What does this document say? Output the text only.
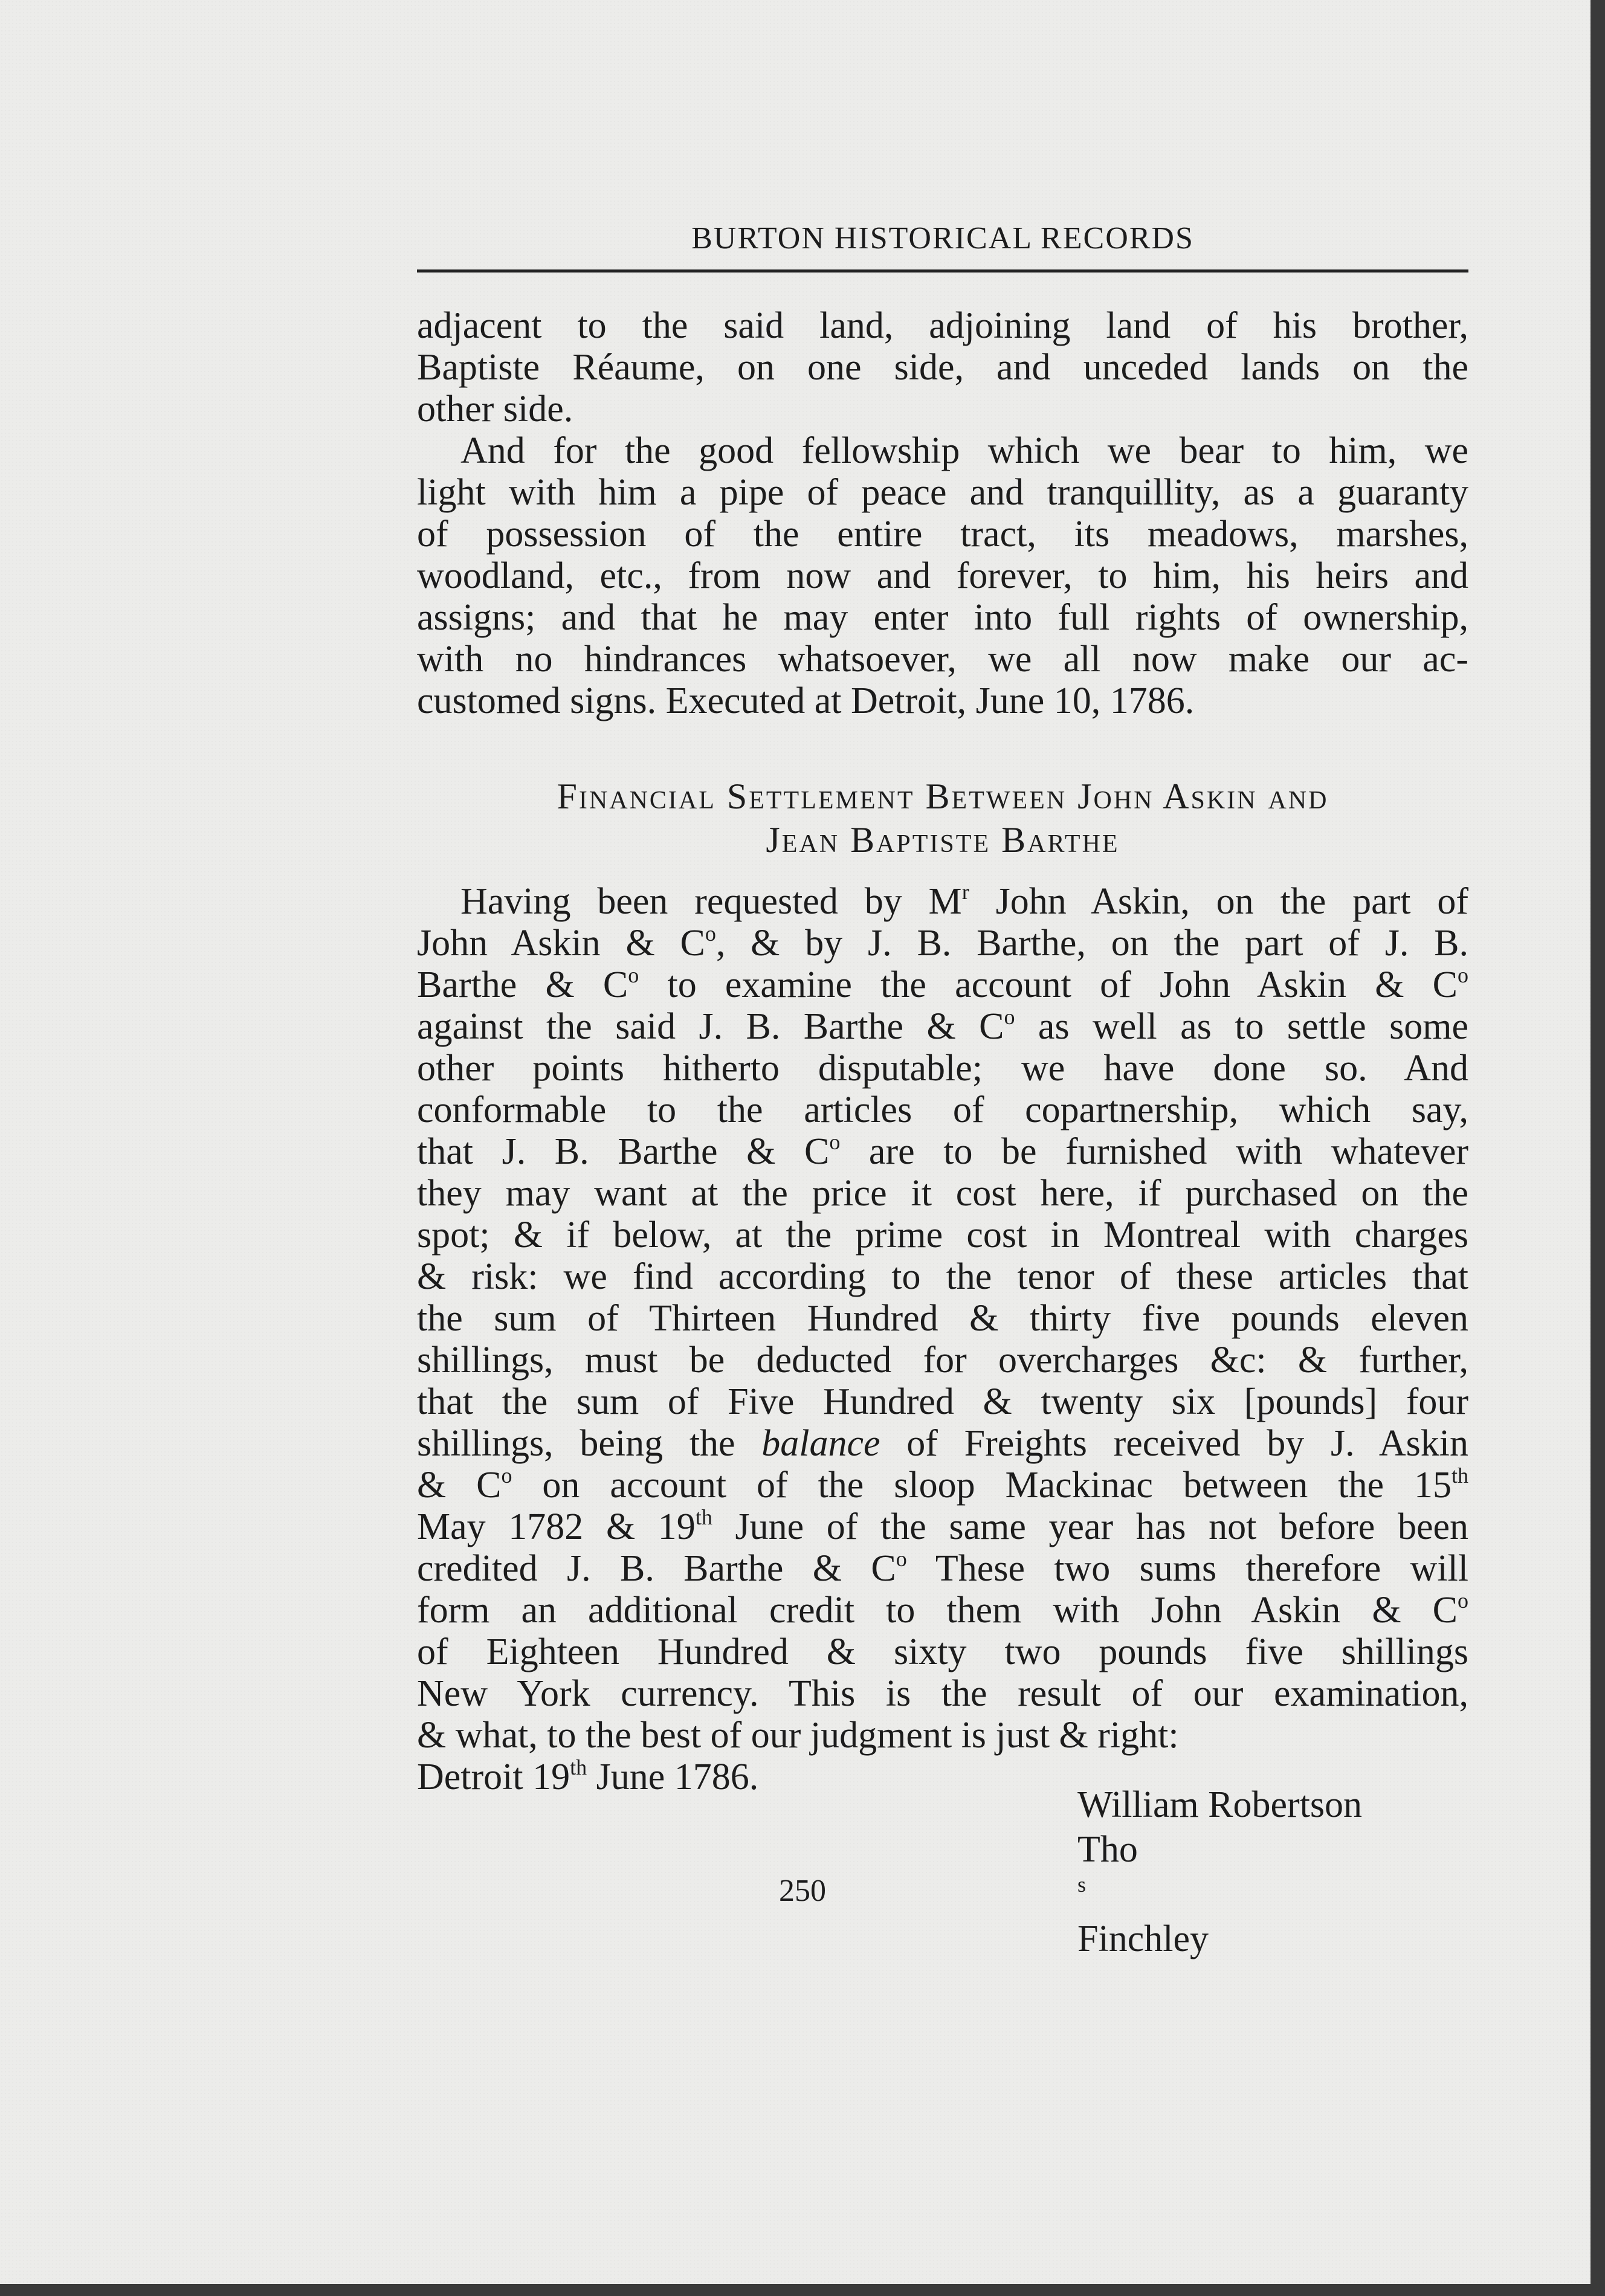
BURTON HISTORICAL RECORDS

adjacent to the said land, adjoining land of his brother,
Baptiste Réaume, on one side, and unceded lands on the
other side.

And for the good fellowship which we bear to him, we
light with him a pipe of peace and tranquillity, as a guaranty
of possession of the entire tract, its meadows, marshes,
woodland, etc., from now and forever, to him, his heirs and
assigns; and that he may enter into full rights of ownership,
with no hindrances whatsoever, we all now make our ac-
customed signs. Executed at Detroit, June 10, 1786.

Financial Settlement Between John Askin and
Jean Baptiste Barthe

Having been requested by $M^r$ John Askin, on the part of
John Askin & $C^o$, & by J. B. Barthe, on the part of J. B.
Barthe & $C^o$ to examine the account of John Askin & $C^o$
against the said J. B. Barthe & $C^o$ as well as to settle some
other points hitherto disputable; we have done so. And
conformable to the articles of copartnership, which say,
that J. B. Barthe & $C^o$ are to be furnished with whatever
they may want at the price it cost here, if purchased on the
spot; & if below, at the prime cost in Montreal with charges
& risk: we find according to the tenor of these articles that
the sum of Thirteen Hundred & thirty five pounds eleven
shillings, must be deducted for overcharges &c: & further,
that the sum of Five Hundred & twenty six [pounds] four
shillings, being the balance of Freights received by J. Askin
& $C^o$ on account of the sloop Mackinac between the 15th
May 1782 & 19th June of the same year has not before been
credited J. B. Barthe & $C^o$ These two sums therefore will
form an additional credit to them with John Askin & $C^o$
of Eighteen Hundred & sixty two pounds five shillings
New York currency. This is the result of our examination,
& what, to the best of our judgment is just & right:
Detroit 19th June 1786.

William Robertson
Tho
$^s$
Finchley
250
